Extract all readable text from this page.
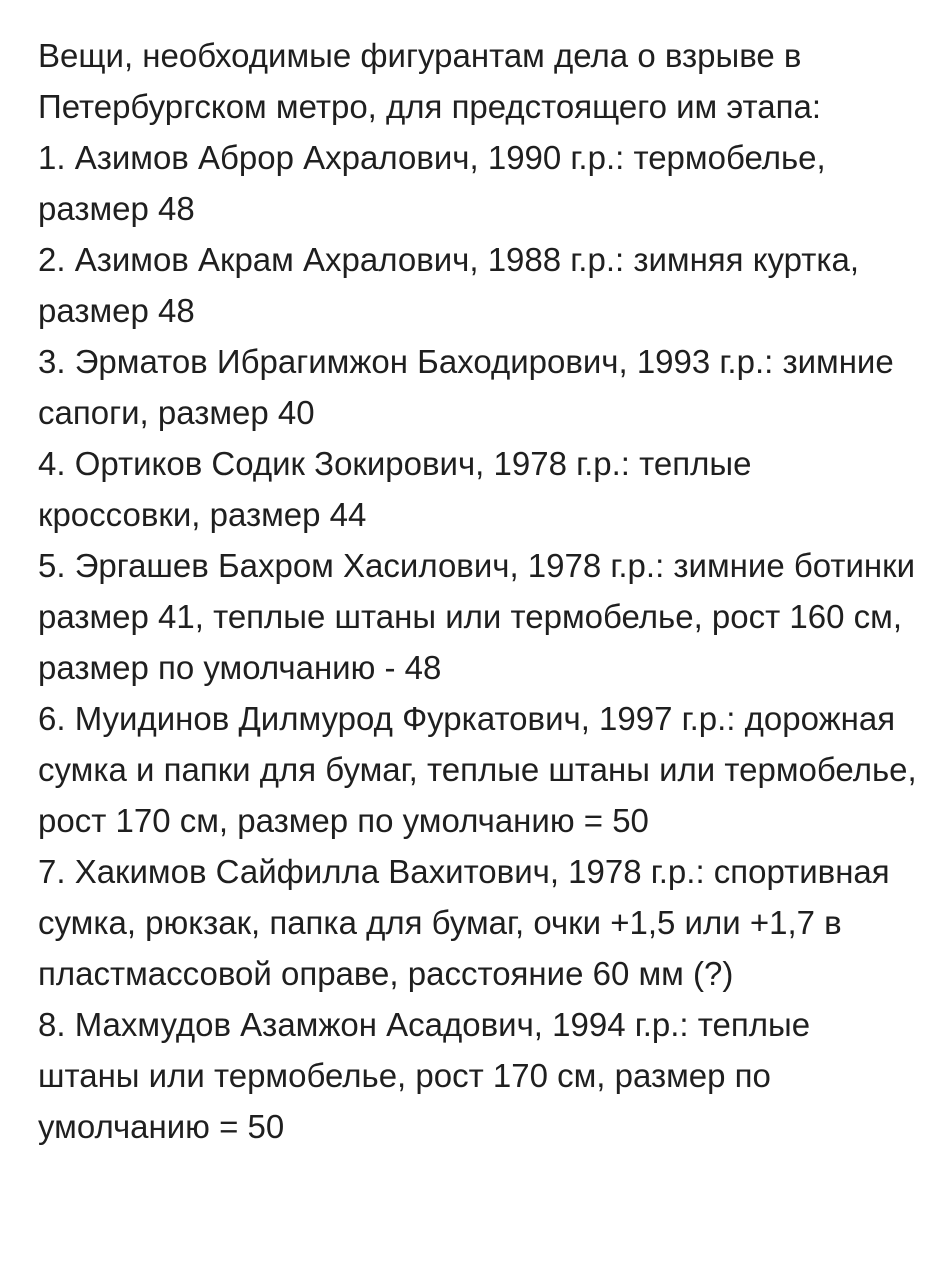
Вещи, необходимые фигурантам дела о взрыве в Петербургском метро, для предстоящего им этапа:

1. Азимов Аброр Ахралович, 1990 г.р.: термобелье, размер 48

2. Азимов Акрам Ахралович, 1988 г.р.: зимняя куртка, размер 48

3. Эрматов Ибрагимжон Баходирович, 1993 г.р.: зимние сапоги, размер 40

4. Ортиков Содик Зокирович, 1978 г.р.: теплые кроссовки, размер 44

5. Эргашев Бахром Хасилович, 1978 г.р.: зимние ботинки размер 41, теплые штаны или термобелье, рост 160 см, размер по умолчанию - 48

6. Муидинов Дилмурод Фуркатович, 1997 г.р.: дорожная сумка и папки для бумаг, теплые штаны или термобелье, рост 170 см, размер по умолчанию = 50

7. Хакимов Сайфилла Вахитович, 1978 г.р.: спортивная сумка, рюкзак, папка для бумаг, очки +1,5 или +1,7 в пластмассовой оправе, расстояние 60 мм (?)

8. Махмудов Азамжон Асадович, 1994 г.р.: теплые штаны или термобелье, рост 170 см, размер по умолчанию = 50
